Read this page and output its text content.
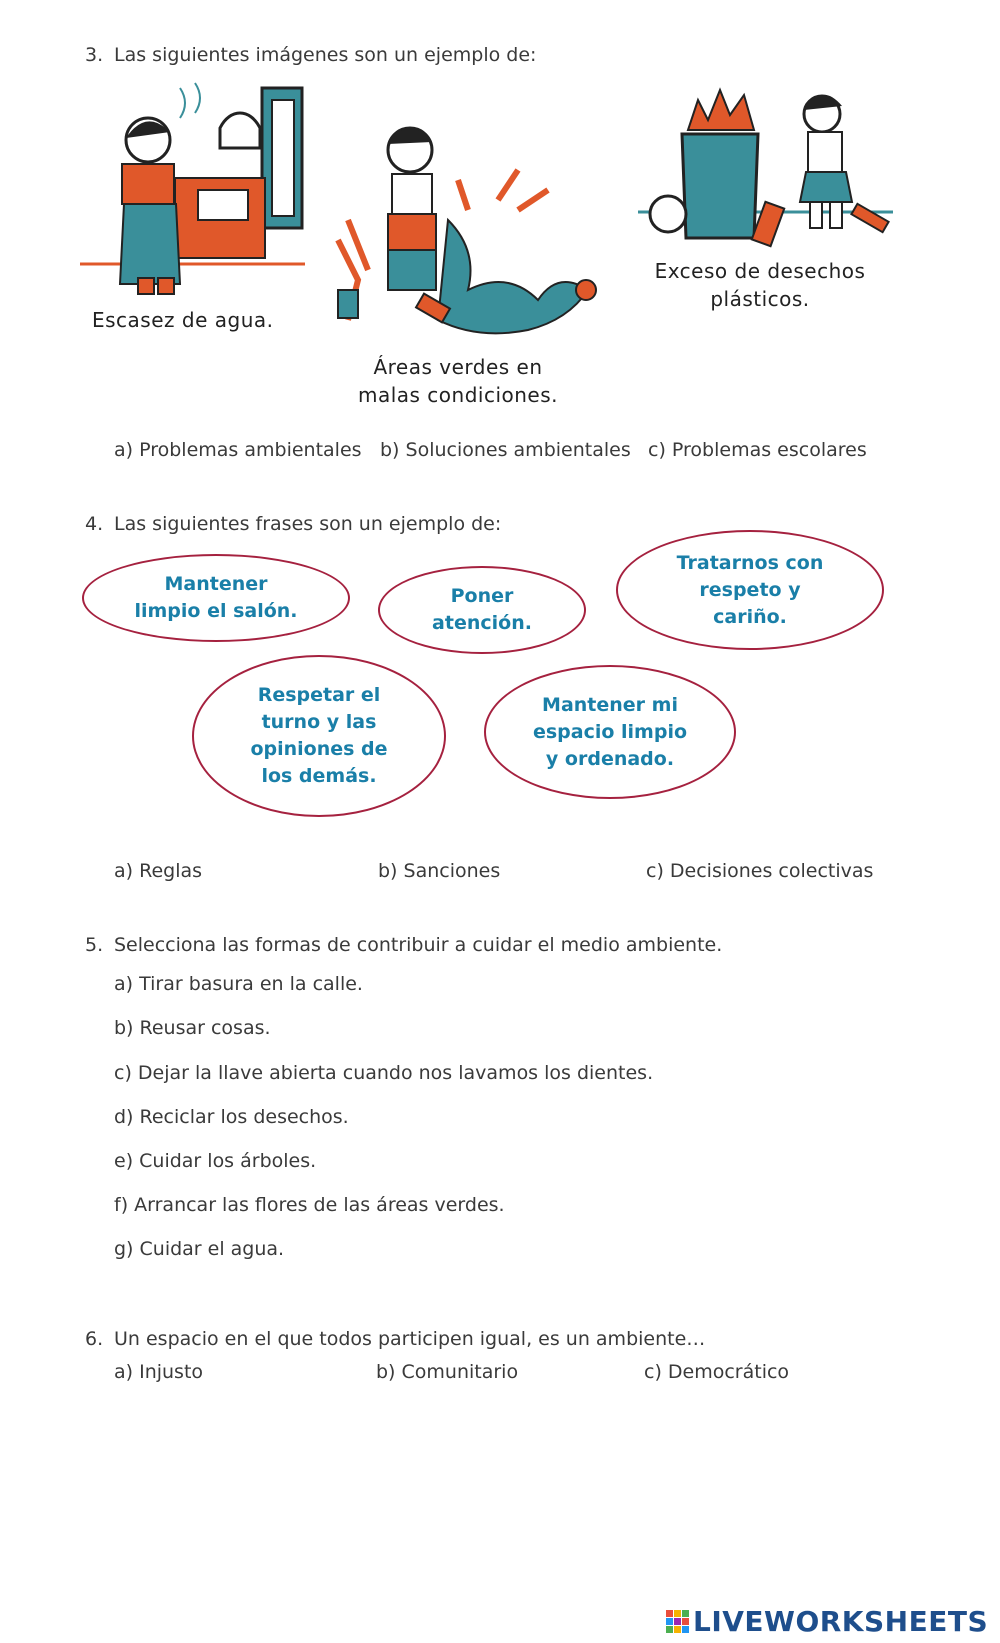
3. Las siguientes imágenes son un ejemplo de:
Escasez de agua.
Áreas verdes en
malas condiciones.
Exceso de desechos
plásticos.
a) Problemas ambientales b) Soluciones ambientales c) Problemas escolares
4. Las siguientes frases son un ejemplo de:
Mantener
limpio el salón.
Poner
atención.
Tratarnos con
respeto y
cariño.
Respetar el
turno y las
opiniones de
los demás.
Mantener mi
espacio limpio
y ordenado.
a) Reglas	b) Sanciones	c) Decisiones colectivas
5. Selecciona las formas de contribuir a cuidar el medio ambiente.
a) Tirar basura en la calle.
b) Reusar cosas.
c) Dejar la llave abierta cuando nos lavamos los dientes.
d) Reciclar los desechos.
e) Cuidar los árboles.
f) Arrancar las flores de las áreas verdes.
g) Cuidar el agua.
6. Un espacio en el que todos participen igual, es un ambiente…
a) Injusto	b) Comunitario	c) Democrático
LIVEWORKSHEETS
